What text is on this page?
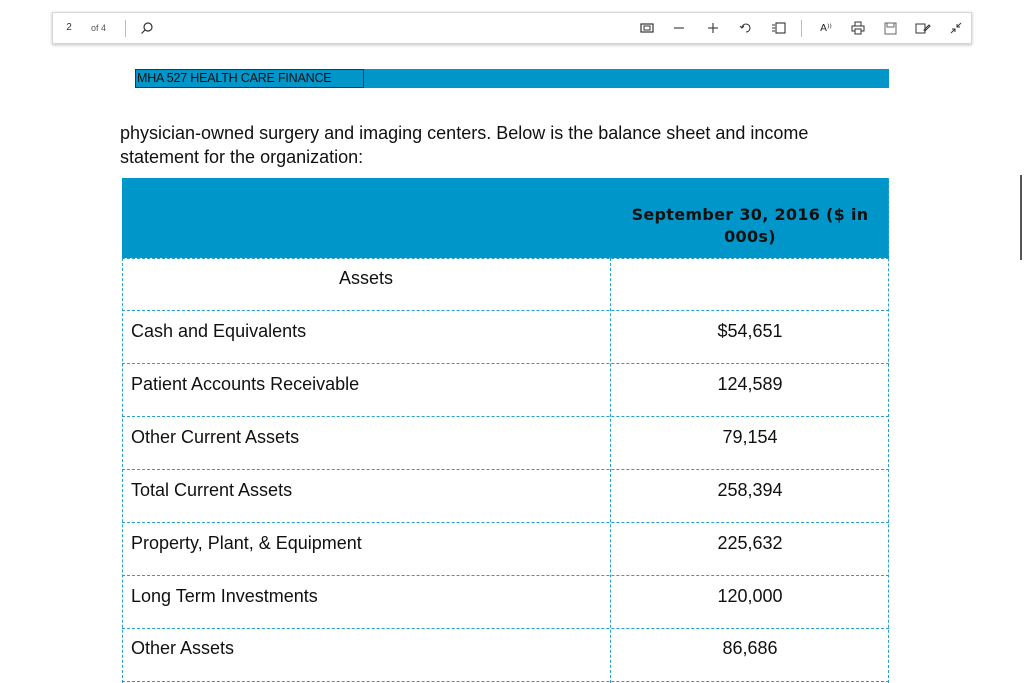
2	of 4	A⁾⁾
MHA 527 HEALTH CARE FINANCE
physician-owned surgery and imaging centers. Below is the balance sheet and income
statement for the organization:
September 30, 2016 ($ in 000s)
Assets
Cash and Equivalents	$54,651
Patient Accounts Receivable	124,589
Other Current Assets	79,154
Total Current Assets	258,394
Property, Plant, & Equipment	225,632
Long Term Investments	120,000
Other Assets	86,686
